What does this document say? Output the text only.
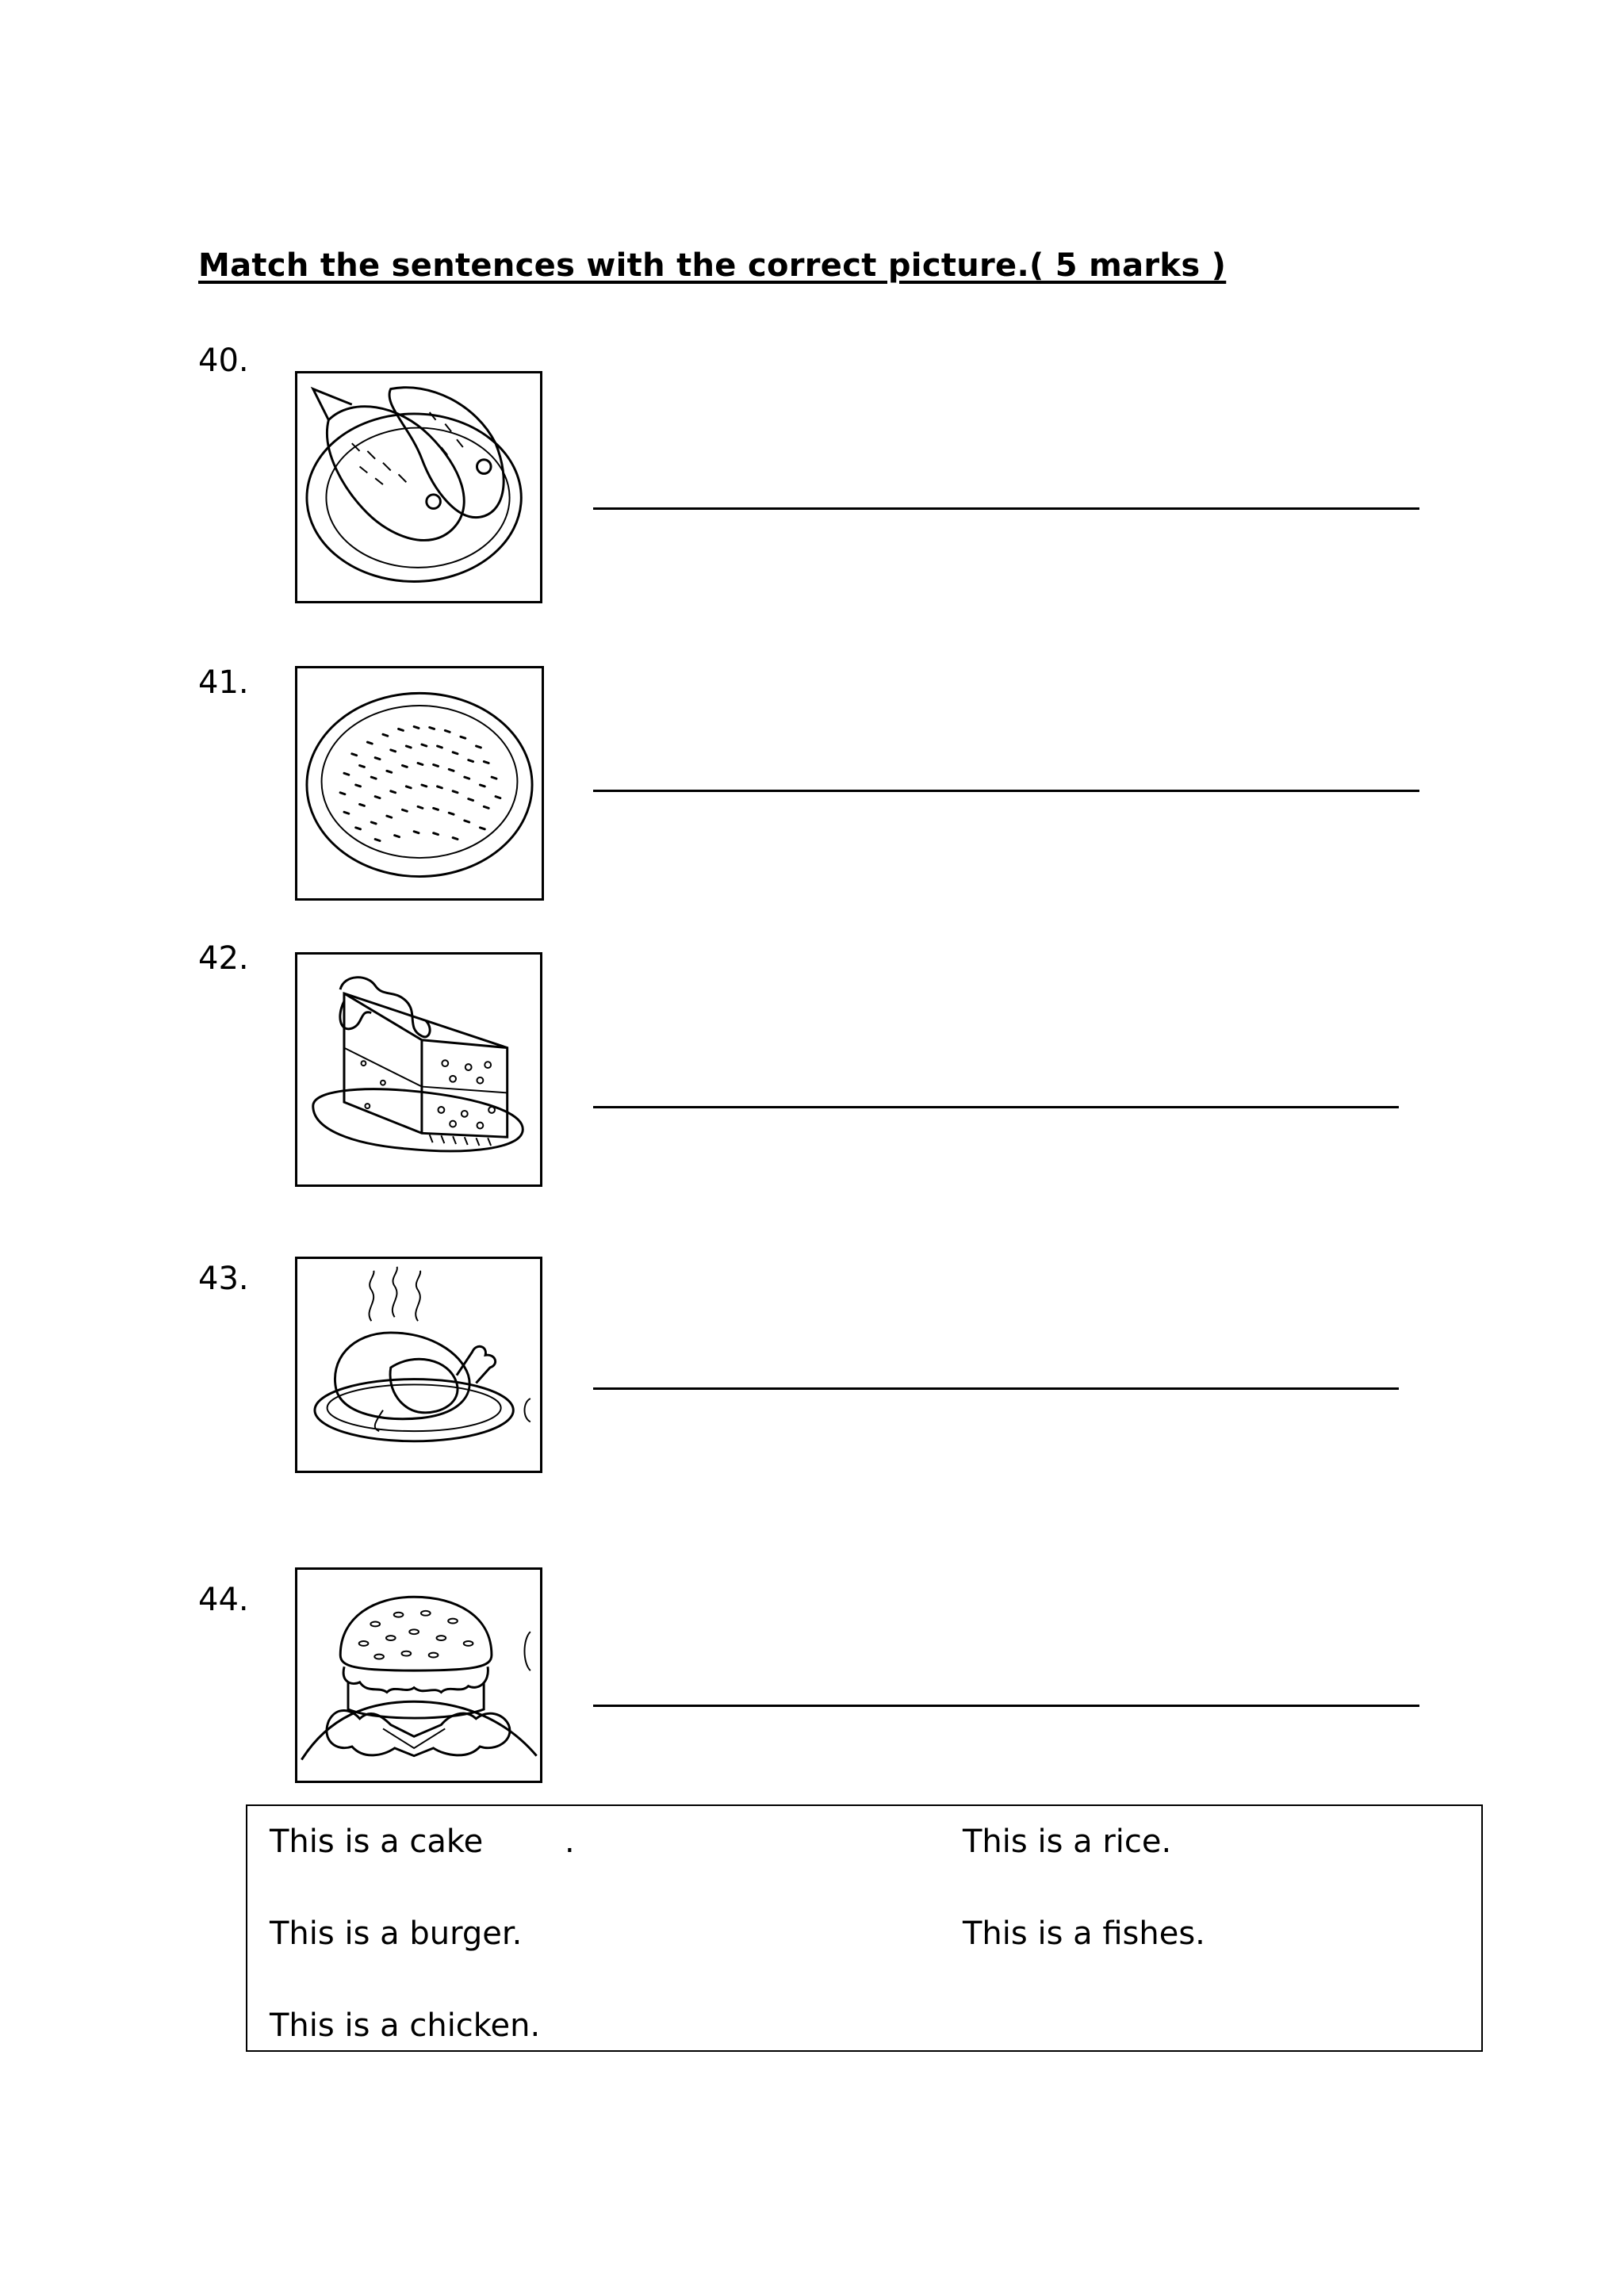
Match the sentences with the correct picture.( 5 marks )
40.
41.
42.
43.
44.
This is a cake	.	This is a rice.
This is a burger.	This is a fishes.
This is a chicken.
